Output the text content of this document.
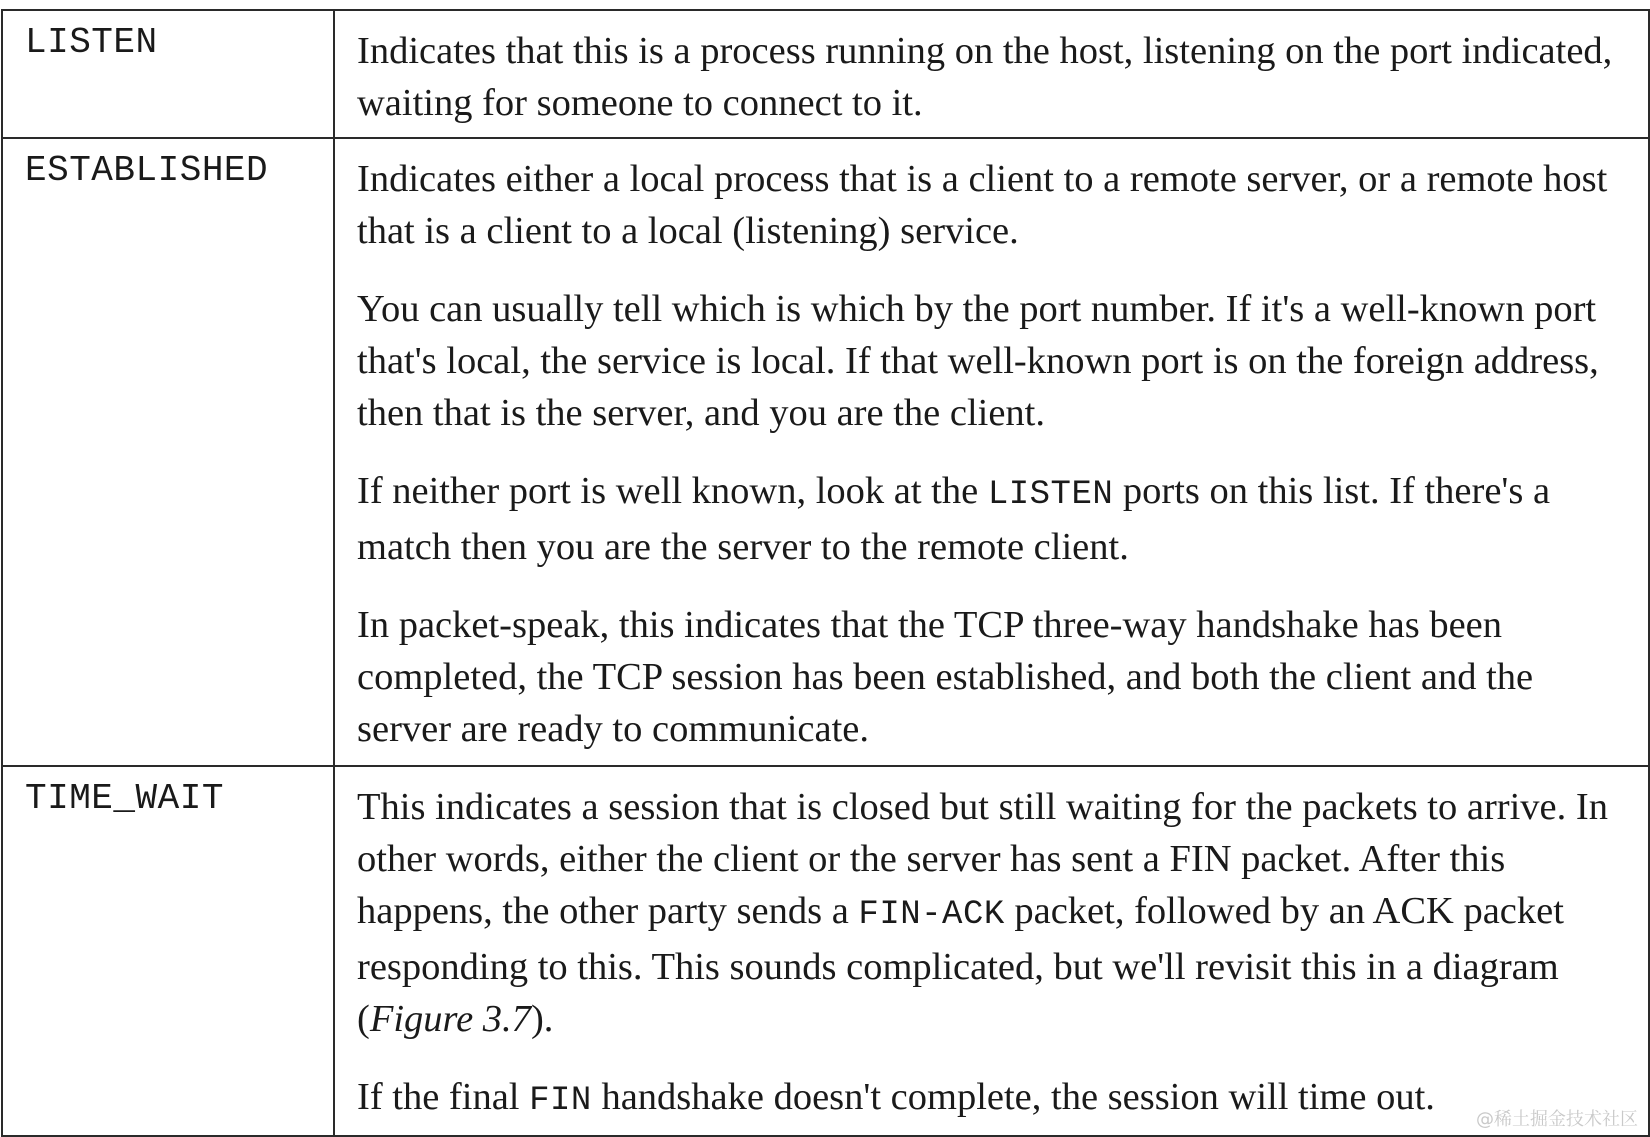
LISTEN	Indicates that this is a process running on the host, listening on the port indicated, waiting for someone to connect to it.

ESTABLISHED	Indicates either a local process that is a client to a remote server, or a remote host that is a client to a local (listening) service.

You can usually tell which is which by the port number. If it's a well-known port that's local, the service is local. If that well-known port is on the foreign address, then that is the server, and you are the client.

If neither port is well known, look at the LISTEN ports on this list. If there's a match then you are the server to the remote client.

In packet-speak, this indicates that the TCP three-way handshake has been completed, the TCP session has been established, and both the client and the server are ready to communicate.

TIME_WAIT	This indicates a session that is closed but still waiting for the packets to arrive. In other words, either the client or the server has sent a FIN packet. After this happens, the other party sends a FIN-ACK packet, followed by an ACK packet responding to this. This sounds complicated, but we'll revisit this in a diagram (Figure 3.7).

If the final FIN handshake doesn't complete, the session will time out.

@稀土掘金技术社区
